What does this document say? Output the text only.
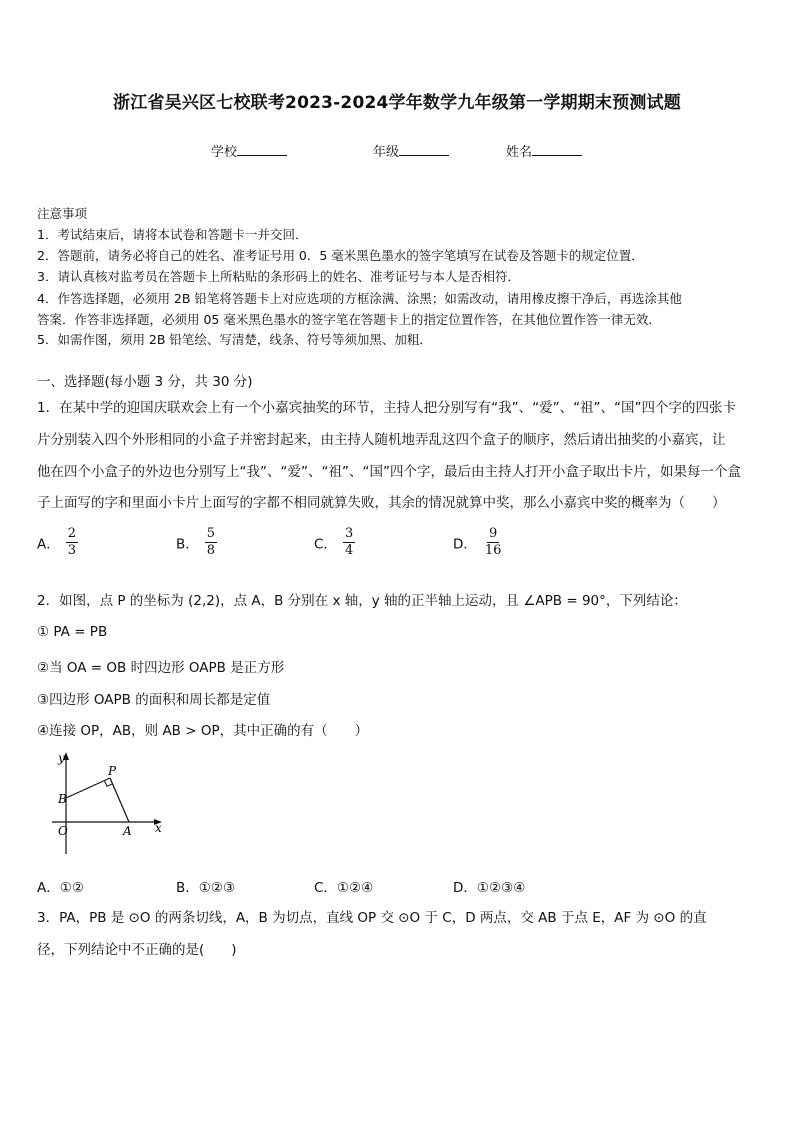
浙江省吴兴区七校联考2023-2024学年数学九年级第一学期期末预测试题
学校	年级	姓名
注意事项
1．考试结束后，请将本试卷和答题卡一并交回．
2．答题前，请务必将自己的姓名、准考证号用 0．5 毫米黑色墨水的签字笔填写在试卷及答题卡的规定位置．
3．请认真核对监考员在答题卡上所粘贴的条形码上的姓名、准考证号与本人是否相符．
4．作答选择题，必须用 2B 铅笔将答题卡上对应选项的方框涂满、涂黑；如需改动，请用橡皮擦干净后，再选涂其他
答案．作答非选择题，必须用 05 毫米黑色墨水的签字笔在答题卡上的指定位置作答，在其他位置作答一律无效．
5．如需作图，须用 2B 铅笔绘、写清楚，线条、符号等须加黑、加粗．
一、选择题(每小题 3 分，共 30 分)
1．在某中学的迎国庆联欢会上有一个小嘉宾抽奖的环节，主持人把分别写有“我”、“爱”、“祖”、“国”四个字的四张卡
片分别装入四个外形相同的小盒子并密封起来，由主持人随机地弄乱这四个盒子的顺序，然后请出抽奖的小嘉宾，让
他在四个小盒子的外边也分别写上“我”、“爱”、“祖”、“国”四个字，最后由主持人打开小盒子取出卡片，如果每一个盒
子上面写的字和里面小卡片上面写的字都不相同就算失败，其余的情况就算中奖，那么小嘉宾中奖的概率为（　　）
A． $\frac{2}{3}$	B． $\frac{5}{8}$	C． $\frac{3}{4}$	D． $\frac{9}{16}$
2．如图，点 P 的坐标为 (2,2)，点 A，B 分别在 x 轴，y 轴的正半轴上运动，且 ∠APB = 90°，下列结论：
① PA = PB
②当 OA = OB 时四边形 OAPB 是正方形
③四边形 OAPB 的面积和周长都是定值
④连接 OP，AB，则 AB > OP，其中正确的有（　　）
y
x
P
B
O	A
A．①②	B．①②③	C．①②④	D．①②③④
3．PA，PB 是 ⊙O 的两条切线，A，B 为切点，直线 OP 交 ⊙O 于 C，D 两点，交 AB 于点 E，AF 为 ⊙O 的直
径，下列结论中不正确的是(　　)
